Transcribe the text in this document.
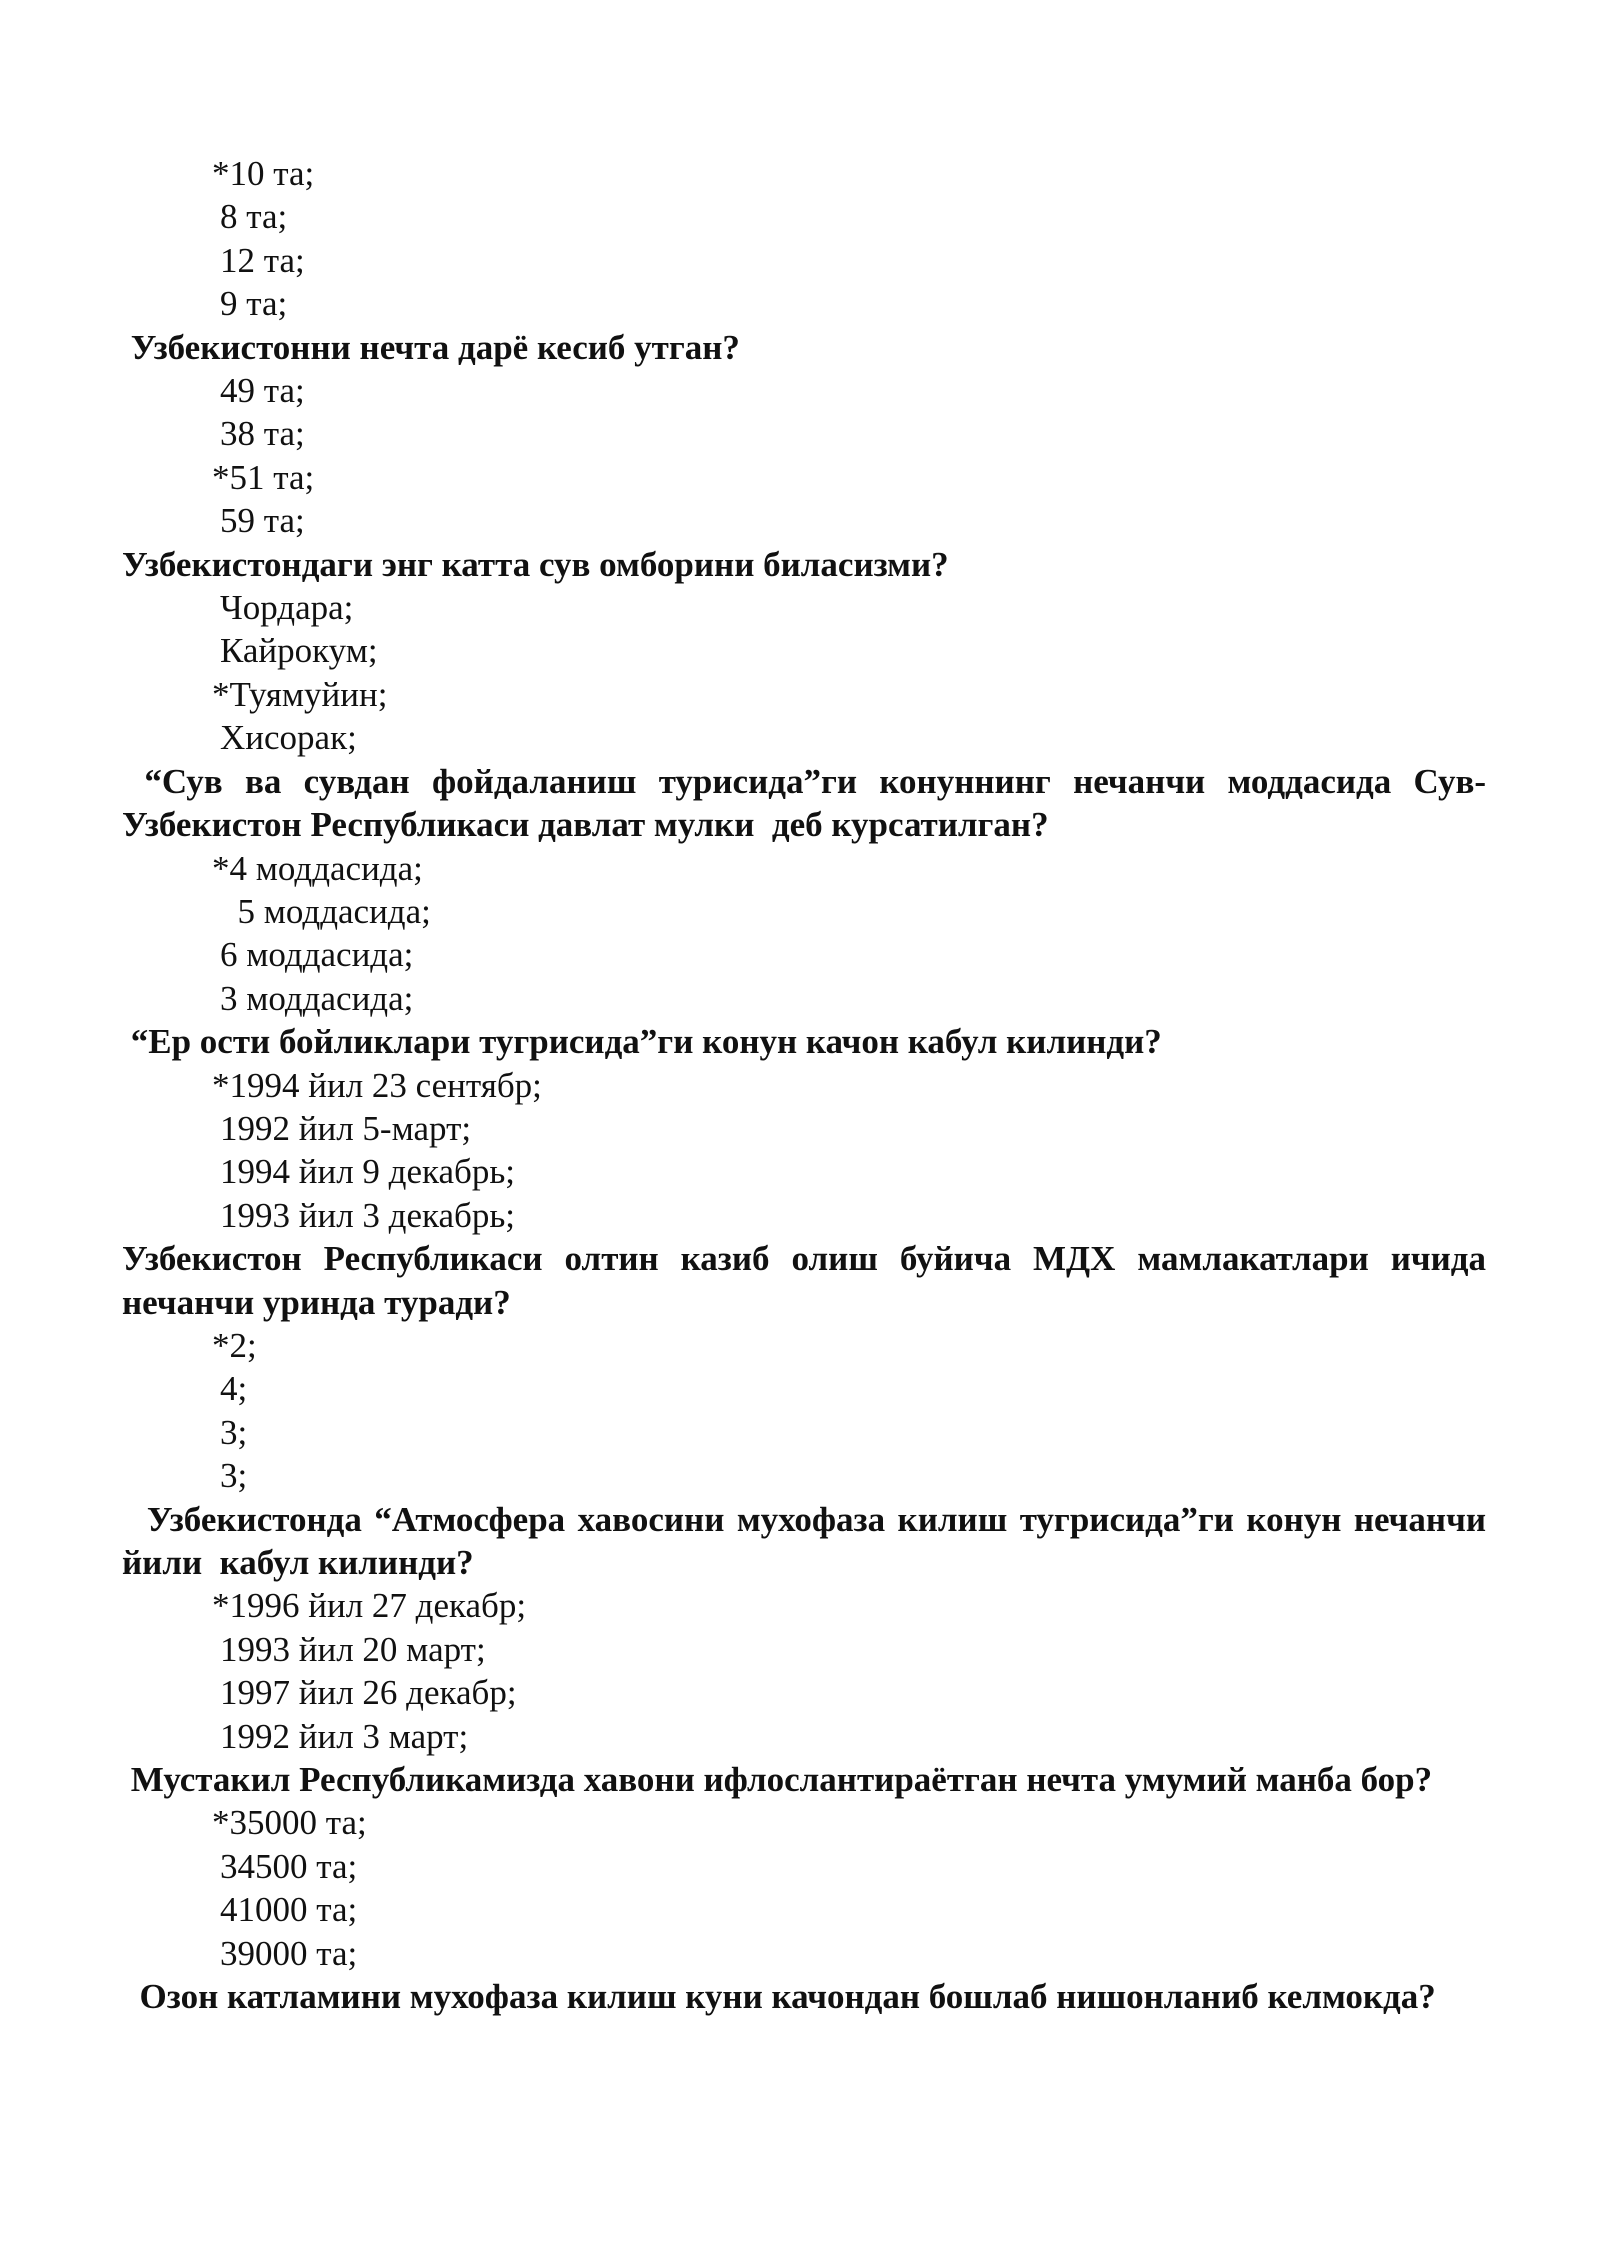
*10 та;
8 та;
12 та;
9 та;
Узбекистонни нечта дарё кесиб утган?
49 та;
38 та;
*51 та;
59 та;
Узбекистондаги энг катта сув омборини биласизми?
Чордара;
Кайрокум;
*Туямуйин;
Хисорак;
“Сув ва сувдан фойдаланиш турисида”ги конуннинг нечанчи моддасида Сув-Узбекистон Республикаси давлат мулки  деб курсатилган?
*4 моддасида;
5 моддасида;
6 моддасида;
3 моддасида;
“Ер ости бойликлари тугрисида”ги конун качон кабул килинди?
*1994 йил 23 сентябр;
1992 йил 5-март;
1994 йил 9 декабрь;
1993 йил 3 декабрь;
Узбекистон Республикаси олтин казиб олиш буйича МДХ мамлакатлари ичида нечанчи уринда туради?
*2;
4;
3;
3;
Узбекистонда “Атмосфера хавосини мухофаза килиш тугрисида”ги конун нечанчи йили  кабул килинди?
*1996 йил 27 декабр;
1993 йил 20 март;
1997 йил 26 декабр;
1992 йил 3 март;
Мустакил Республикамизда хавони ифлослантираётган нечта умумий манба бор?
*35000 та;
34500 та;
41000 та;
39000 та;
Озон катламини мухофаза килиш куни качондан бошлаб нишонланиб келмокда?
